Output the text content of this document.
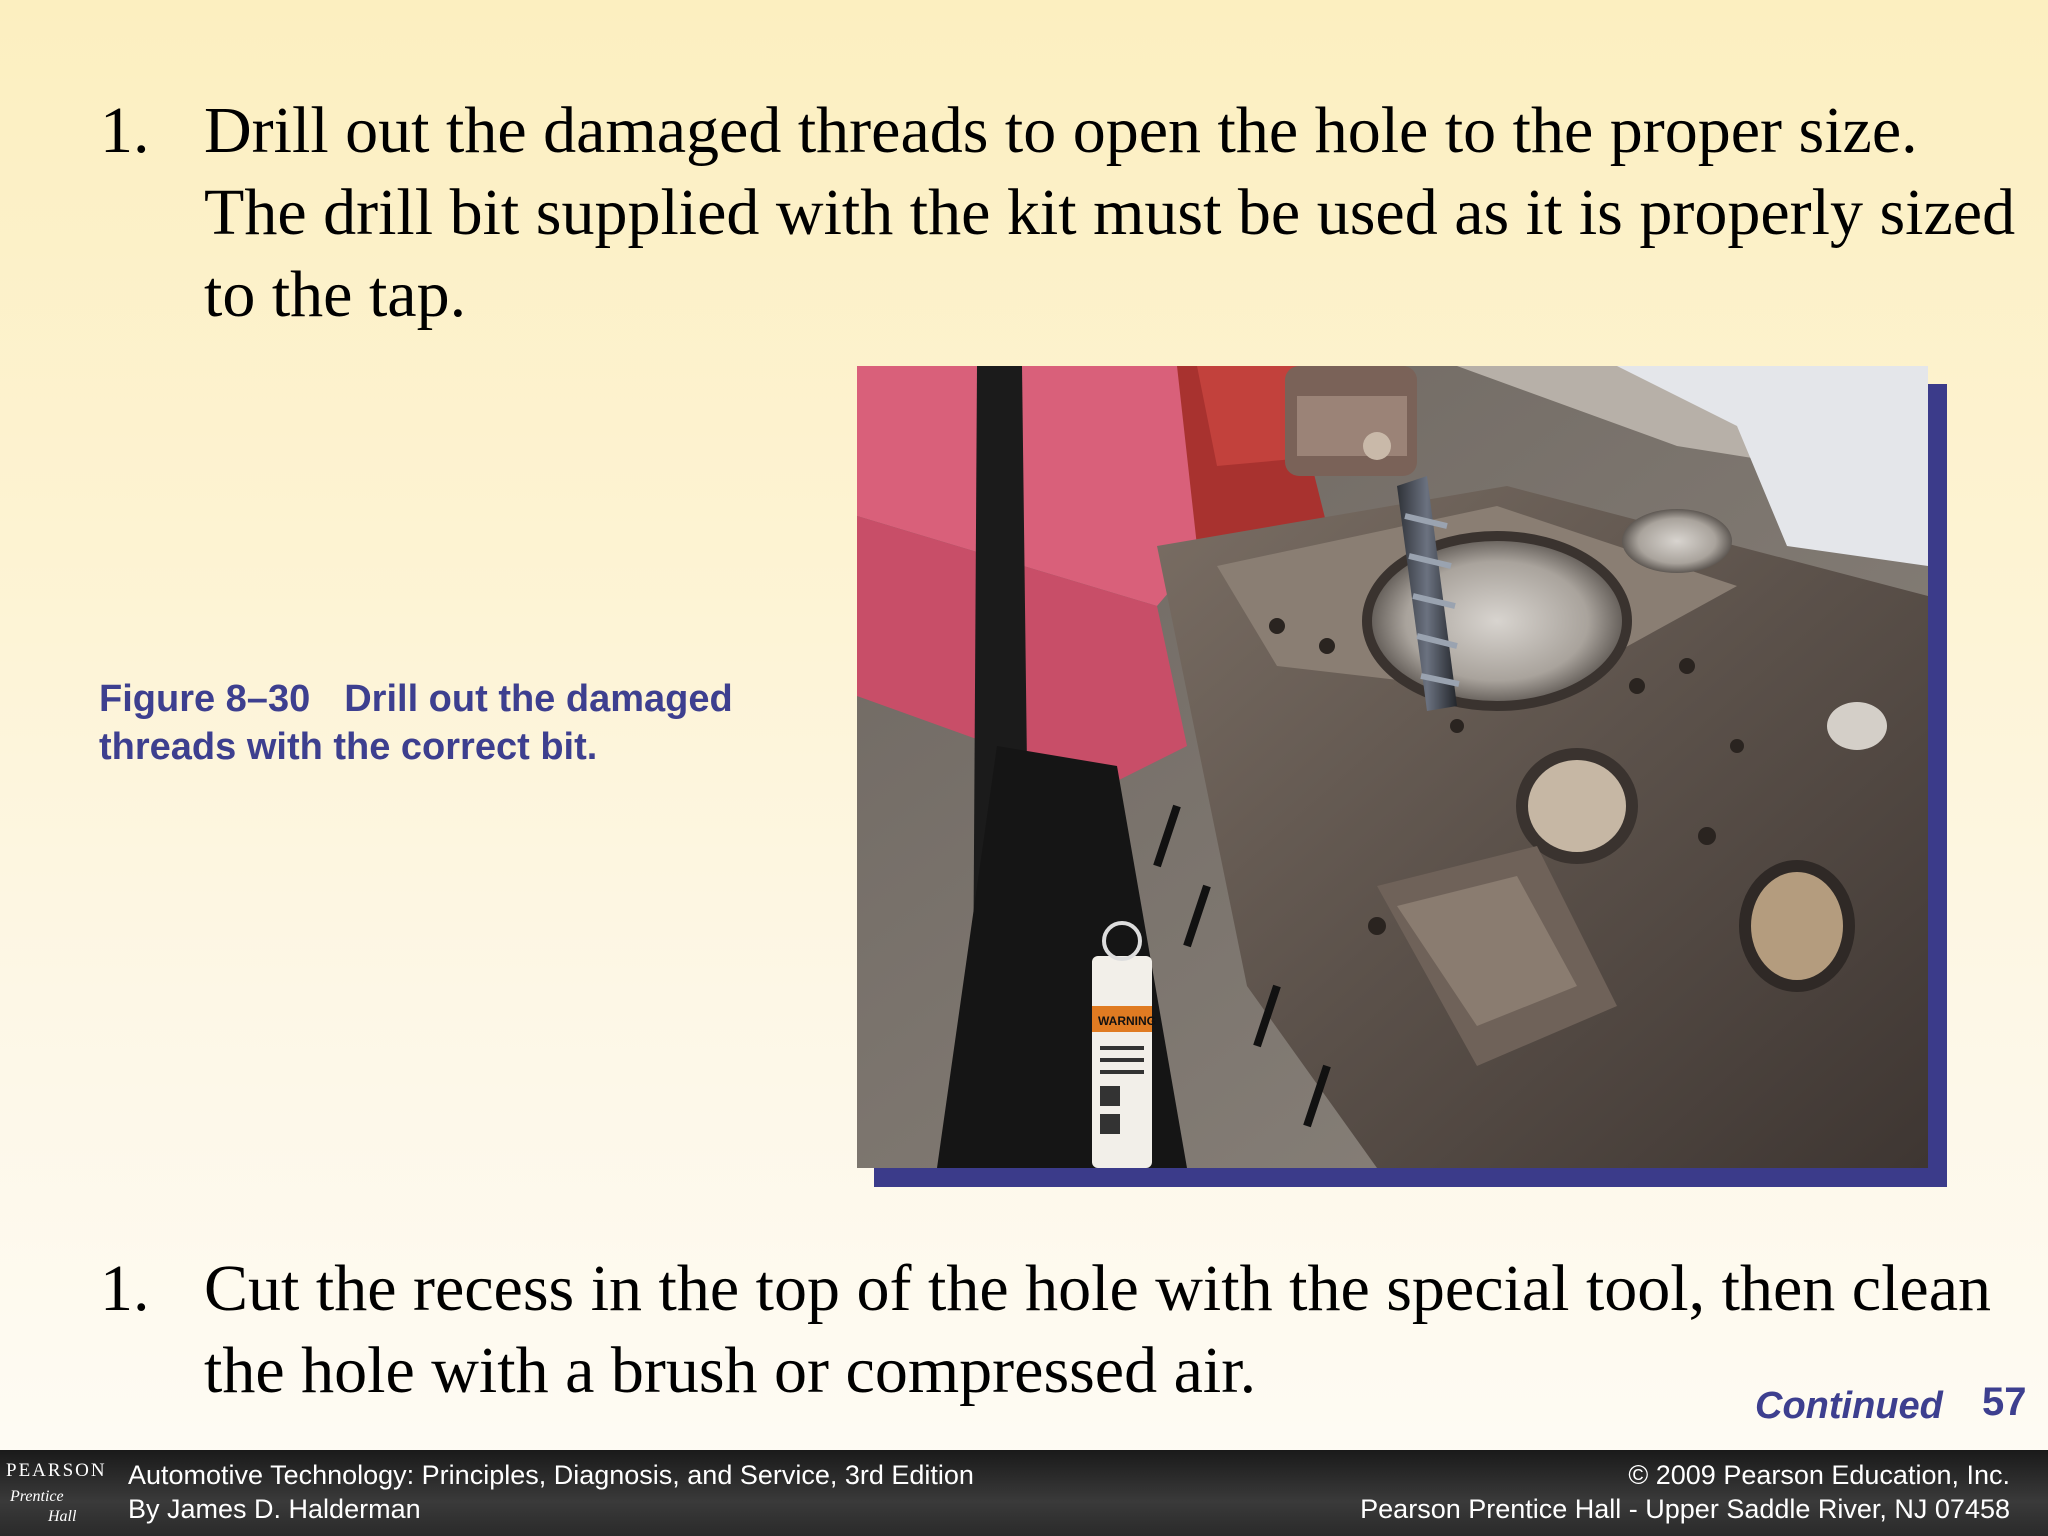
1. Drill out the damaged threads to open the hole to the proper size. The drill bit supplied with the kit must be used as it is properly sized to the tap.
Figure 8–30 Drill out the damaged threads with the correct bit.
WARNING
1. Cut the recess in the top of the hole with the special tool, then clean the hole with a brush or compressed air.	Continued 57
PEARSON
Prentice
Hall
Automotive Technology: Principles, Diagnosis, and Service, 3rd Edition
By James D. Halderman
© 2009 Pearson Education, Inc.
Pearson Prentice Hall - Upper Saddle River, NJ 07458
